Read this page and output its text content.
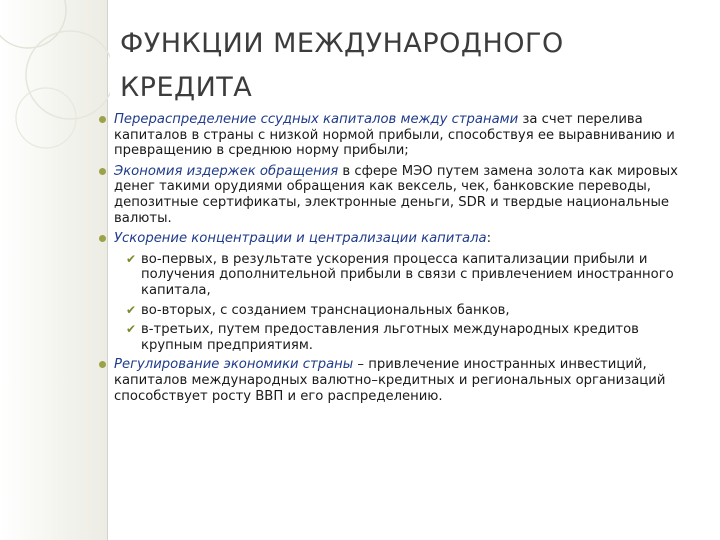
ФУНКЦИИ МЕЖДУНАРОДНОГО
КРЕДИТА
Перераспределение ссудных капиталов между странами за счет перелива капиталов в страны с низкой нормой прибыли, способствуя ее выравниванию и превращению в среднюю норму прибыли;
Экономия издержек обращения в сфере МЭО путем замена золота как мировых денег такими орудиями обращения как вексель, чек, банковские переводы, депозитные сертификаты, электронные деньги, SDR и твердые национальные валюты.
Ускорение концентрации и централизации капитала:
✔ во-первых, в результате ускорения процесса капитализации прибыли и получения дополнительной прибыли в связи с привлечением иностранного капитала,
✔ во-вторых, с созданием транснациональных банков,
✔ в-третьих, путем предоставления льготных международных кредитов крупным предприятиям.
Регулирование экономики страны – привлечение иностранных инвестиций, капиталов международных валютно–кредитных и региональных организаций способствует росту ВВП и его распределению.
